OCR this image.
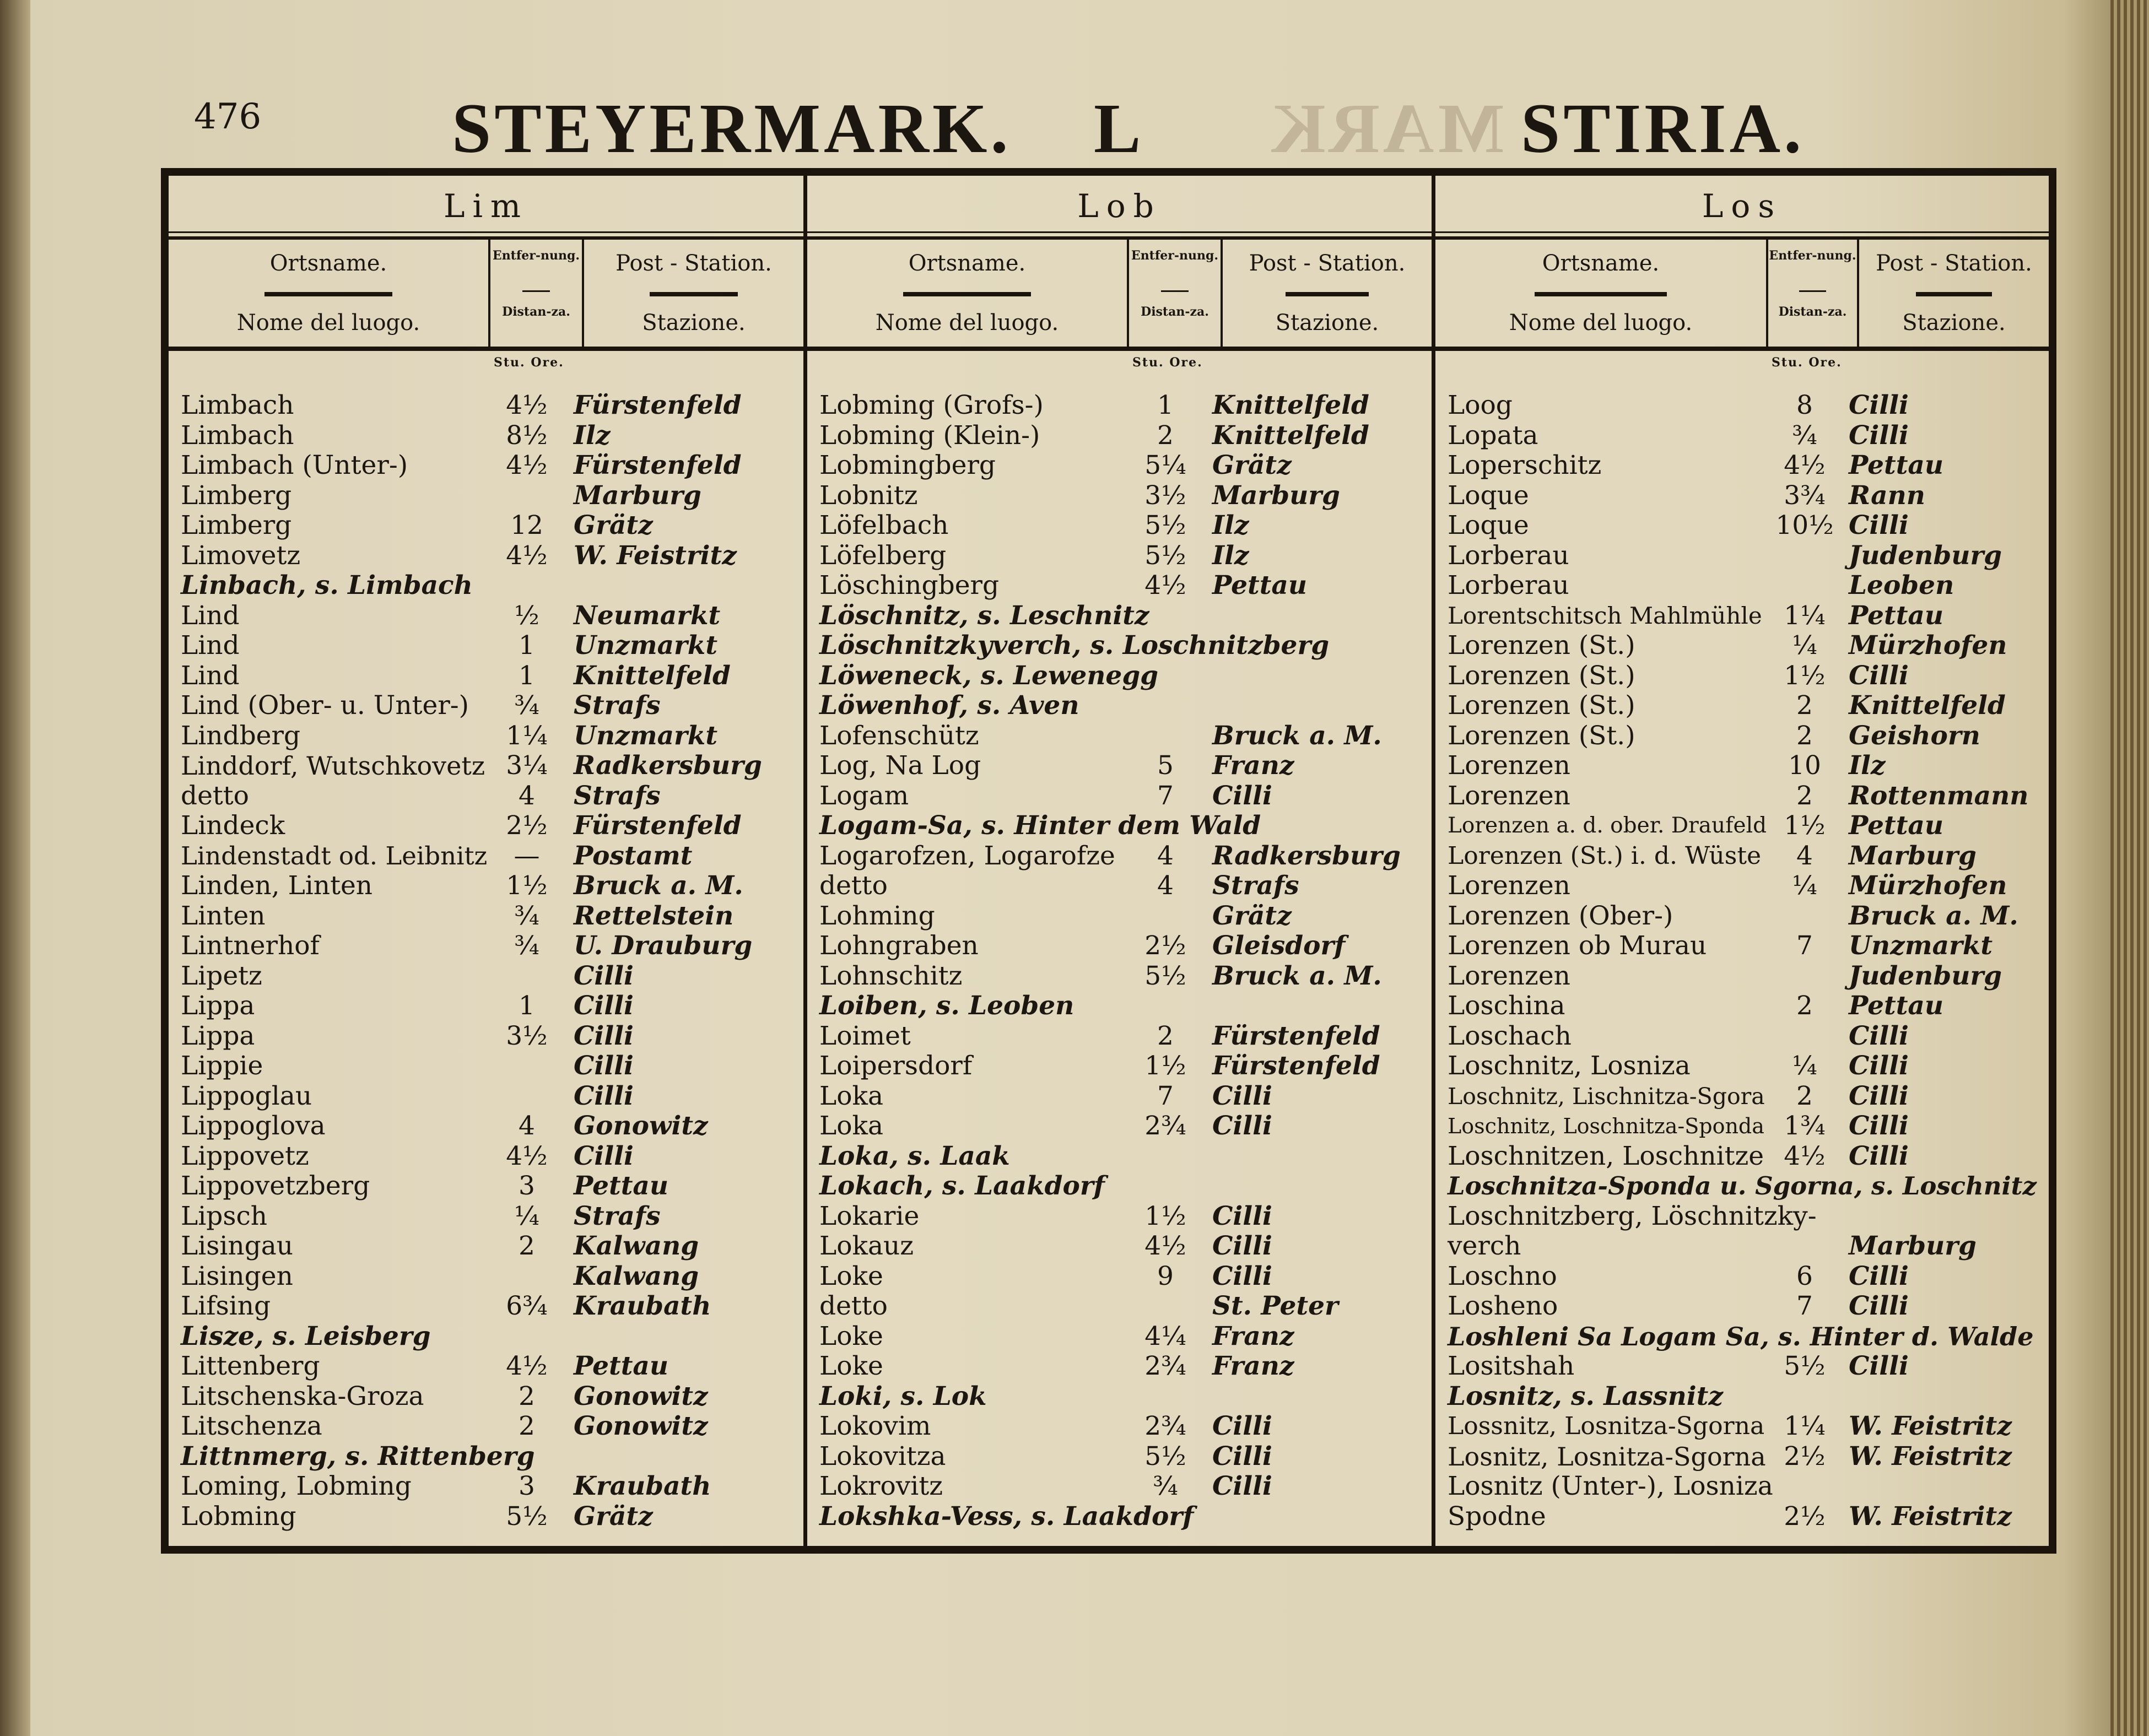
476	STEYERMARK. L MARK STIRIA.
Lim
Ortsname.
Nome del luogo.
Entfer-nung.
Distan-za.
Post - Station.
Stazione.
Stu. Ore.
Limbach	4½	Fürstenfeld
Limbach	8½	Ilz
Limbach (Unter-)	4½	Fürstenfeld
Limberg	Marburg
Limberg	12	Grätz
Limovetz	4½	W. Feistritz
Linbach, s. Limbach
Lind	½	Neumarkt
Lind	1	Unzmarkt
Lind	1	Knittelfeld
Lind (Ober- u. Unter-)	¾	Strafs
Lindberg	1¼	Unzmarkt
Linddorf, Wutschkovetz 3¼	Radkersburg
detto	4	Strafs
Lindeck	2½	Fürstenfeld
Lindenstadt od. Leibnitz	—	Postamt
Linden, Linten	1½	Bruck a. M.
Linten	¾	Rettelstein
Lintnerhof	¾	U. Drauburg
Lipetz	Cilli
Lippa	1	Cilli
Lippa	3½	Cilli
Lippie	Cilli
Lippoglau	Cilli
Lippoglova	4	Gonowitz
Lippovetz	4½	Cilli
Lippovetzberg	3	Pettau
Lipsch	¼	Strafs
Lisingau	2	Kalwang
Lisingen	Kalwang
Lifsing	6¾	Kraubath
Lisze, s. Leisberg
Littenberg	4½	Pettau
Litschenska-Groza	2	Gonowitz
Litschenza	2	Gonowitz
Littnmerg, s. Rittenberg
Loming, Lobming	3	Kraubath
Lobming	5½	Grätz
Lob
Ortsname.
Nome del luogo.
Entfer-nung.
Distan-za.
Post - Station.
Stazione.
Stu. Ore.
Lobming (Grofs-)	1	Knittelfeld
Lobming (Klein-)	2	Knittelfeld
Lobmingberg	5¼	Grätz
Lobnitz	3½	Marburg
Löfelbach	5½	Ilz
Löfelberg	5½	Ilz
Löschingberg	4½	Pettau
Löschnitz, s. Leschnitz
Löschnitzkyverch, s. Loschnitzberg
Löweneck, s. Lewenegg
Löwenhof, s. Aven
Lofenschütz	Bruck a. M.
Log, Na Log	5	Franz
Logam	7	Cilli
Logam-Sa, s. Hinter dem Wald
Logarofzen, Logarofze	4	Radkersburg
detto	4	Strafs
Lohming	Grätz
Lohngraben	2½	Gleisdorf
Lohnschitz	5½	Bruck a. M.
Loiben, s. Leoben
Loimet	2	Fürstenfeld
Loipersdorf	1½	Fürstenfeld
Loka	7	Cilli
Loka	2¾	Cilli
Loka, s. Laak
Lokach, s. Laakdorf
Lokarie	1½	Cilli
Lokauz	4½	Cilli
Loke	9	Cilli
detto	St. Peter
Loke	4¼	Franz
Loke	2¾	Franz
Loki, s. Lok
Lokovim	2¾	Cilli
Lokovitza	5½	Cilli
Lokrovitz	¾	Cilli
Lokshka-Vess, s. Laakdorf
Los
Ortsname.
Nome del luogo.
Entfer-nung.
Distan-za.
Post - Station.
Stazione.
Stu. Ore.
Loog	8	Cilli
Lopata	¾	Cilli
Loperschitz	4½ Pettau
Loque	3¾ Rann
Loque	10½ Cilli
Lorberau	Judenburg
Lorberau	Leoben
Lorentschitsch Mahlmühle 1¼ Pettau
Lorenzen (St.)	¼	Mürzhofen
Lorenzen (St.)	1½ Cilli
Lorenzen (St.)	2	Knittelfeld
Lorenzen (St.)	2	Geishorn
Lorenzen	10	Ilz
Lorenzen	2	Rottenmann
Lorenzen a. d. ober. Draufeld 1½ Pettau
Lorenzen (St.) i. d. Wüste	4	Marburg
Lorenzen	¼	Mürzhofen
Lorenzen (Ober-)	Bruck a. M.
Lorenzen ob Murau	7	Unzmarkt
Lorenzen	Judenburg
Loschina	2	Pettau
Loschach	Cilli
Loschnitz, Losniza	¼	Cilli
Loschnitz, Lischnitza-Sgora	2	Cilli
Loschnitz, Loschnitza-Sponda 1¾ Cilli
Loschnitzen, Loschnitze 4½ Cilli
Loschnitza-Sponda u. Sgorna, s. Loschnitz
Loschnitzberg, Löschnitzky-
verch	Marburg
Loschno	6	Cilli
Losheno	7	Cilli
Loshleni Sa Logam Sa, s. Hinter d. Walde
Lositshah	5½ Cilli
Losnitz, s. Lassnitz
Lossnitz, Losnitza-Sgorna 1¼ W. Feistritz
Losnitz, Losnitza-Sgorna 2½ W. Feistritz
Losnitz (Unter-), Losniza
Spodne	2½ W. Feistritz
